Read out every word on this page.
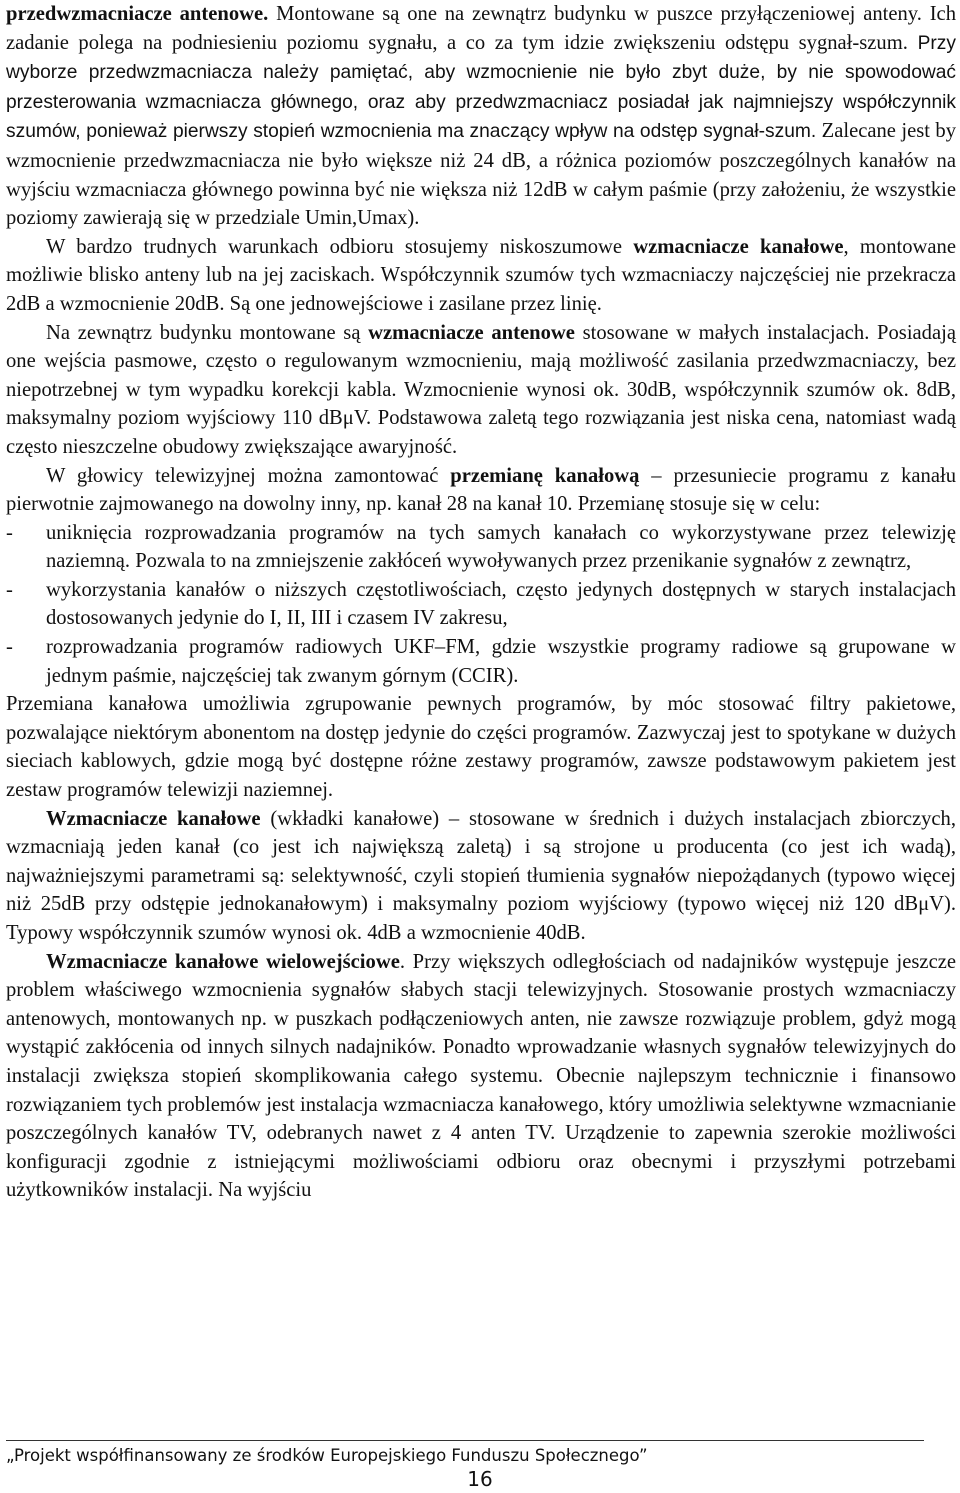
przedwzmacniacze antenowe. Montowane są one na zewnątrz budynku w puszce przyłączeniowej anteny. Ich zadanie polega na podniesieniu poziomu sygnału, a co za tym idzie zwiększeniu odstępu sygnał-szum. Przy wyborze przedwzmacniacza należy pamiętać, aby wzmocnienie nie było zbyt duże, by nie spowodować przesterowania wzmacniacza głównego, oraz aby przedwzmacniacz posiadał jak najmniejszy współczynnik szumów, ponieważ pierwszy stopień wzmocnienia ma znaczący wpływ na odstęp sygnał-szum. Zalecane jest by wzmocnienie przedwzmacniacza nie było większe niż 24 dB, a różnica poziomów poszczególnych kanałów na wyjściu wzmacniacza głównego powinna być nie większa niż 12dB w całym paśmie (przy założeniu, że wszystkie poziomy zawierają się w przedziale Umin,Umax).

W bardzo trudnych warunkach odbioru stosujemy niskoszumowe wzmacniacze kanałowe, montowane możliwie blisko anteny lub na jej zaciskach. Współczynnik szumów tych wzmacniaczy najczęściej nie przekracza 2dB a wzmocnienie 20dB. Są one jednowejściowe i zasilane przez linię.

Na zewnątrz budynku montowane są wzmacniacze antenowe stosowane w małych instalacjach. Posiadają one wejścia pasmowe, często o regulowanym wzmocnieniu, mają możliwość zasilania przedwzmacniaczy, bez niepotrzebnej w tym wypadku korekcji kabla. Wzmocnienie wynosi ok. 30dB, współczynnik szumów ok. 8dB, maksymalny poziom wyjściowy 110 dBμV. Podstawowa zaletą tego rozwiązania jest niska cena, natomiast wadą często nieszczelne obudowy zwiększające awaryjność.

W głowicy telewizyjnej można zamontować przemianę kanałową – przesuniecie programu z kanału pierwotnie zajmowanego na dowolny inny, np. kanał 28 na kanał 10. Przemianę stosuje się w celu:

- uniknięcia rozprowadzania programów na tych samych kanałach co wykorzystywane przez telewizję naziemną. Pozwala to na zmniejszenie zakłóceń wywoływanych przez przenikanie sygnałów z zewnątrz,
- wykorzystania kanałów o niższych częstotliwościach, często jedynych dostępnych w starych instalacjach dostosowanych jedynie do I, II, III i czasem IV zakresu,
- rozprowadzania programów radiowych UKF–FM, gdzie wszystkie programy radiowe są grupowane w jednym paśmie, najczęściej tak zwanym górnym (CCIR).

Przemiana kanałowa umożliwia zgrupowanie pewnych programów, by móc stosować filtry pakietowe, pozwalające niektórym abonentom na dostęp jedynie do części programów. Zazwyczaj jest to spotykane w dużych sieciach kablowych, gdzie mogą być dostępne różne zestawy programów, zawsze podstawowym pakietem jest zestaw programów telewizji naziemnej.

Wzmacniacze kanałowe (wkładki kanałowe) – stosowane w średnich i dużych instalacjach zbiorczych, wzmacniają jeden kanał (co jest ich największą zaletą) i są strojone u producenta (co jest ich wadą), najważniejszymi parametrami są: selektywność, czyli stopień tłumienia sygnałów niepożądanych (typowo więcej niż 25dB przy odstępie jednokanałowym) i maksymalny poziom wyjściowy (typowo więcej niż 120 dBμV). Typowy współczynnik szumów wynosi ok. 4dB a wzmocnienie 40dB.

Wzmacniacze kanałowe wielowejściowe. Przy większych odległościach od nadajników występuje jeszcze problem właściwego wzmocnienia sygnałów słabych stacji telewizyjnych. Stosowanie prostych wzmacniaczy antenowych, montowanych np. w puszkach podłączeniowych anten, nie zawsze rozwiązuje problem, gdyż mogą wystąpić zakłócenia od innych silnych nadajników. Ponadto wprowadzanie własnych sygnałów telewizyjnych do instalacji zwiększa stopień skomplikowania całego systemu. Obecnie najlepszym technicznie i finansowo rozwiązaniem tych problemów jest instalacja wzmacniacza kanałowego, który umożliwia selektywne wzmacnianie poszczególnych kanałów TV, odebranych nawet z 4 anten TV. Urządzenie to zapewnia szerokie możliwości konfiguracji zgodnie z istniejącymi możliwościami odbioru oraz obecnymi i przyszłymi potrzebami użytkowników instalacji. Na wyjściu

„Projekt współfinansowany ze środków Europejskiego Funduszu Społecznego”
16
